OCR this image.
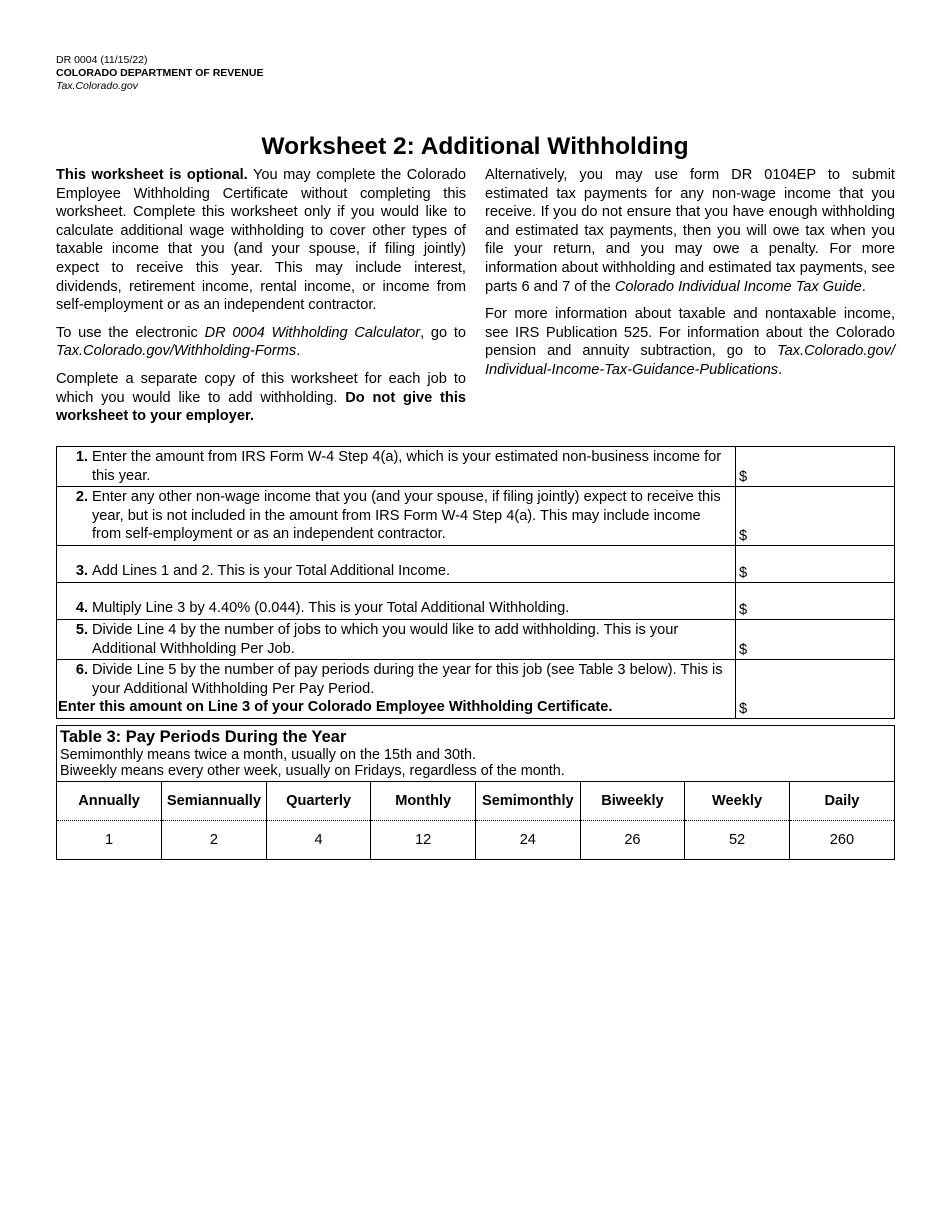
DR 0004 (11/15/22)
COLORADO DEPARTMENT OF REVENUE
Tax.Colorado.gov
Worksheet 2: Additional Withholding

This worksheet is optional. You may complete the Colorado Employee Withholding Certificate without completing this worksheet. Complete this worksheet only if you would like to calculate additional wage withholding to cover other types of taxable income that you (and your spouse, if filing jointly) expect to receive this year. This may include interest, dividends, retirement income, rental income, or income from self-employment or as an independent contractor.

To use the electronic DR 0004 Withholding Calculator, go to Tax.Colorado.gov/Withholding-Forms.

Complete a separate copy of this worksheet for each job to which you would like to add withholding. Do not give this worksheet to your employer.

Alternatively, you may use form DR 0104EP to submit estimated tax payments for any non-wage income that you receive. If you do not ensure that you have enough withholding and estimated tax payments, then you will owe tax when you file your return, and you may owe a penalty. For more information about withholding and estimated tax payments, see parts 6 and 7 of the Colorado Individual Income Tax Guide.

For more information about taxable and nontaxable income, see IRS Publication 525. For information about the Colorado pension and annuity subtraction, go to Tax.Colorado.gov/ Individual-Income-Tax-Guidance-Publications.

1. Enter the amount from IRS Form W-4 Step 4(a), which is your estimated non-business income for this year.	$

2. Enter any other non-wage income that you (and your spouse, if filing jointly) expect to receive this year, but is not included in the amount from IRS Form W-4 Step 4(a). This may include income from self-employment or as an independent contractor.	$

3. Add Lines 1 and 2. This is your Total Additional Income.	$

4. Multiply Line 3 by 4.40% (0.044). This is your Total Additional Withholding.	$

5. Divide Line 4 by the number of jobs to which you would like to add withholding. This is your Additional Withholding Per Job.	$

6. Divide Line 5 by the number of pay periods during the year for this job (see Table 3 below). This is your Additional Withholding Per Pay Period.
Enter this amount on Line 3 of your Colorado Employee Withholding Certificate.	$
Table 3: Pay Periods During the Year
Semimonthly means twice a month, usually on the 15th and 30th.
Biweekly means every other week, usually on Fridays, regardless of the month.
Annually	Semiannually	Quarterly	Monthly	Semimonthly	Biweekly	Weekly	Daily
1	2	4	12	24	26	52	260
